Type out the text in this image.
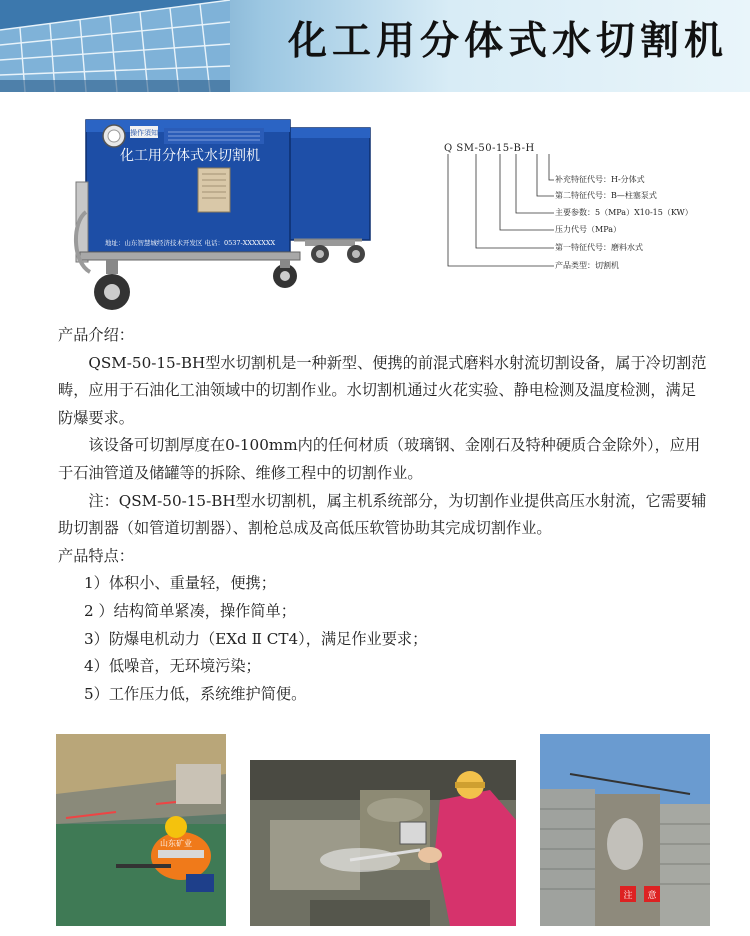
化工用分体式水切割机
操作須知
化工用分体式水切割机
地址：山东智慧城经济技术开发区 电话：0537-XXXXXXX
Q SM-50-15-B-H
补充特征代号：H-分体式
第二特征代号：B—柱塞泵式
主要参数：5（MPa）X10-15（KW）
压力代号（MPa）
第一特征代号：磨料水式
产品类型：切割机

产品介绍：

QSM-50-15-BH型水切割机是一种新型、便携的前混式磨料水射流切割设备，属于冷切割范畴，应用于石油化工油领域中的切割作业。水切割机通过火花实验、静电检测及温度检测，满足防爆要求。

该设备可切割厚度在0-100mm内的任何材质（玻璃钢、金刚石及特种硬质合金除外），应用于石油管道及储罐等的拆除、维修工程中的切割作业。

注：QSM-50-15-BH型水切割机，属主机系统部分，为切割作业提供高压水射流，它需要辅助切割器（如管道切割器）、割枪总成及高低压软管协助其完成切割作业。

产品特点：

1）体积小、重量轻，便携；

2 ）结构简单紧凑，操作简单；

3）防爆电机动力（EXd Ⅱ CT4），满足作业要求；

4）低噪音，无环境污染；

5）工作压力低，系统维护简便。

山东矿业
注 意
